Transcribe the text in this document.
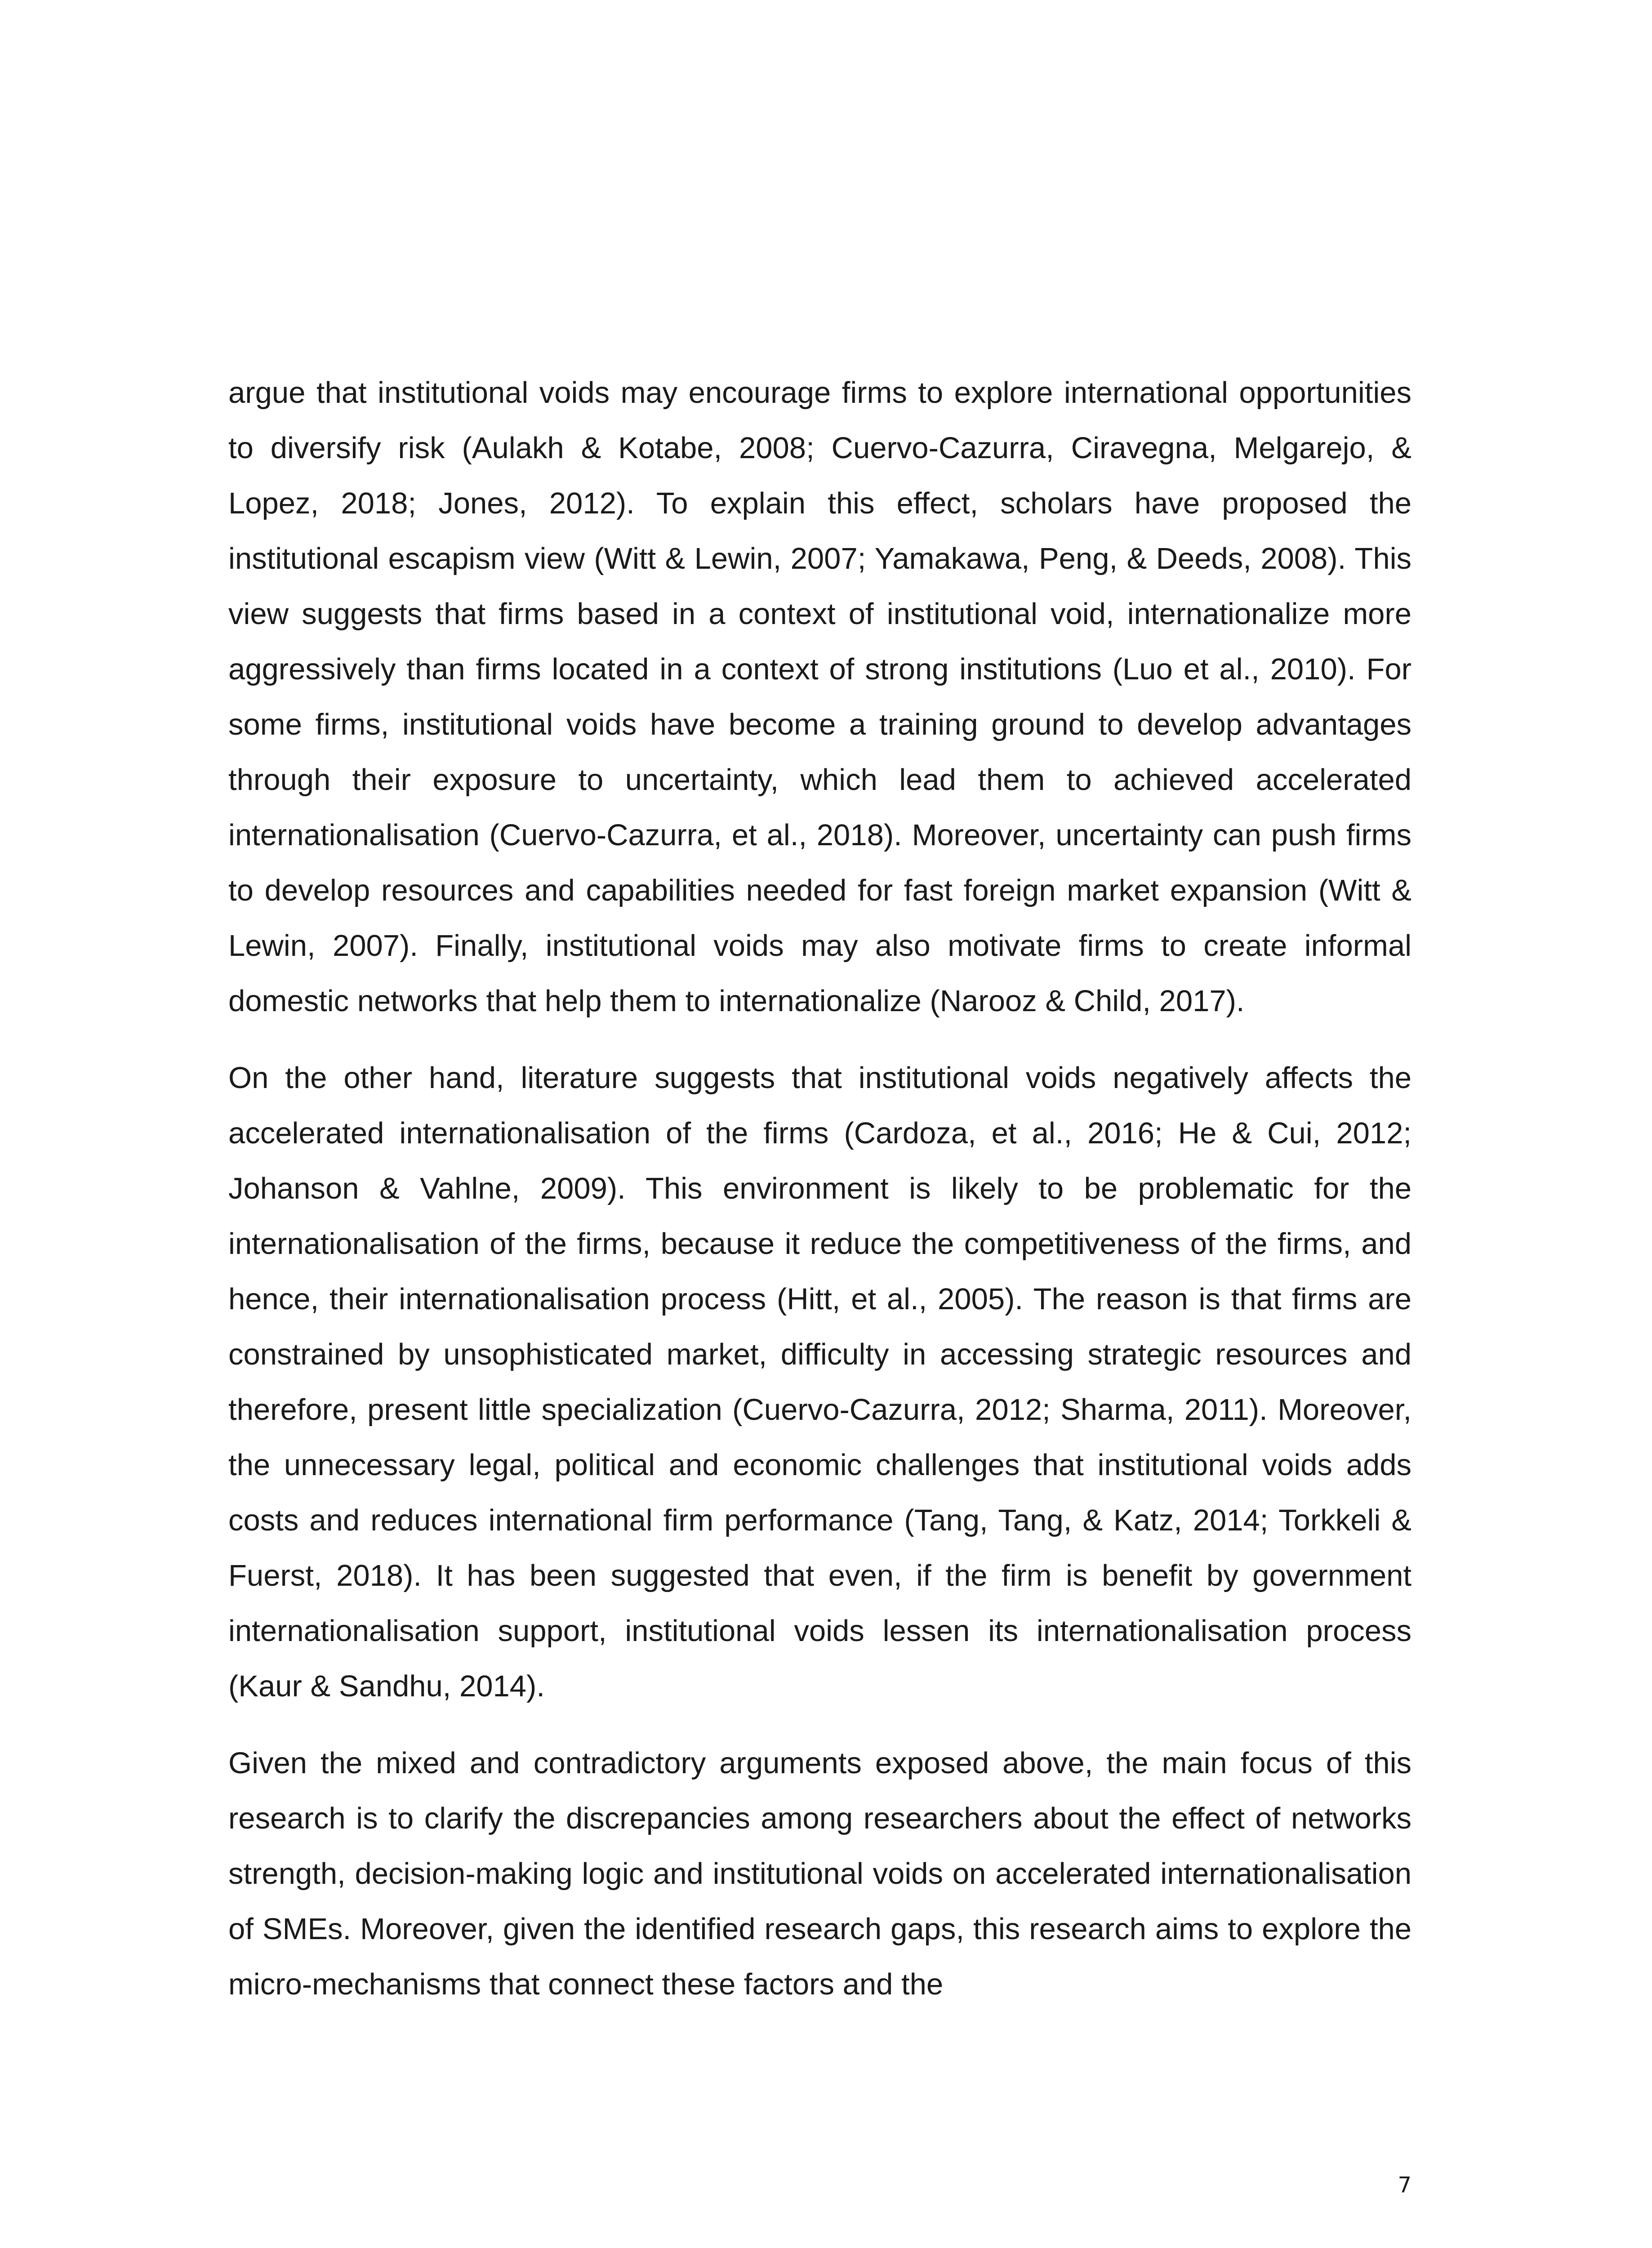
argue that institutional voids may encourage firms to explore international opportunities to diversify risk (Aulakh & Kotabe, 2008; Cuervo-Cazurra, Ciravegna, Melgarejo, & Lopez, 2018; Jones, 2012). To explain this effect, scholars have proposed the institutional escapism view (Witt & Lewin, 2007; Yamakawa, Peng, & Deeds, 2008). This view suggests that firms based in a context of institutional void, internationalize more aggressively than firms located in a context of strong institutions (Luo et al., 2010). For some firms, institutional voids have become a training ground to develop advantages through their exposure to uncertainty, which lead them to achieved accelerated internationalisation (Cuervo-Cazurra, et al., 2018). Moreover, uncertainty can push firms to develop resources and capabilities needed for fast foreign market expansion (Witt & Lewin, 2007). Finally, institutional voids may also motivate firms to create informal domestic networks that help them to internationalize (Narooz & Child, 2017).

On the other hand, literature suggests that institutional voids negatively affects the accelerated internationalisation of the firms (Cardoza, et al., 2016; He & Cui, 2012; Johanson & Vahlne, 2009). This environment is likely to be problematic for the internationalisation of the firms, because it reduce the competitiveness of the firms, and hence, their internationalisation process (Hitt, et al., 2005). The reason is that firms are constrained by unsophisticated market, difficulty in accessing strategic resources and therefore, present little specialization (Cuervo-Cazurra, 2012; Sharma, 2011). Moreover, the unnecessary legal, political and economic challenges that institutional voids adds costs and reduces international firm performance (Tang, Tang, & Katz, 2014; Torkkeli & Fuerst, 2018). It has been suggested that even, if the firm is benefit by government internationalisation support, institutional voids lessen its internationalisation process (Kaur & Sandhu, 2014).

Given the mixed and contradictory arguments exposed above, the main focus of this research is to clarify the discrepancies among researchers about the effect of networks strength, decision-making logic and institutional voids on accelerated internationalisation of SMEs. Moreover, given the identified research gaps, this research aims to explore the micro-mechanisms that connect these factors and the

7
